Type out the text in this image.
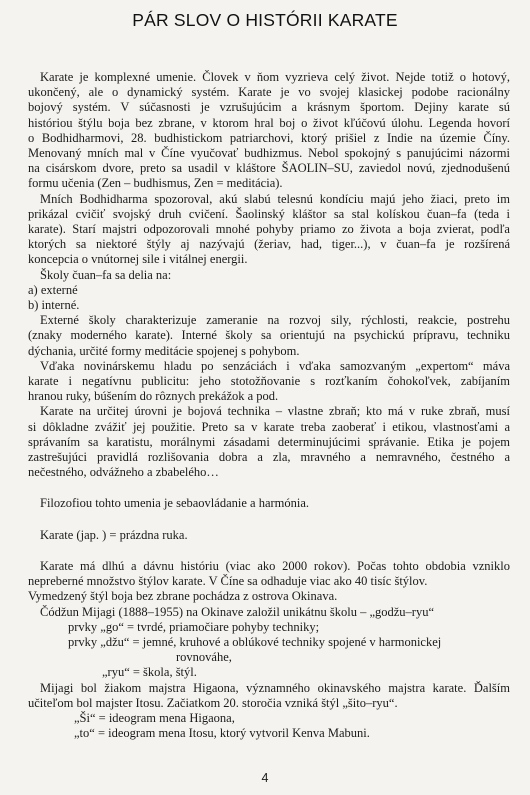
PÁR SLOV O HISTÓRII KARATE
Karate je komplexné umenie. Človek v ňom vyzrieva celý život. Nejde totiž o hotový,
ukončený, ale o dynamický systém. Karate je vo svojej klasickej podobe racionálny
bojový systém. V súčasnosti je vzrušujúcim a krásnym športom. Dejiny karate sú
históriou štýlu boja bez zbrane, v ktorom hral boj o život kľúčovú úlohu. Legenda hovorí
o Bodhidharmovi, 28. budhistickom patriarchovi, ktorý prišiel z Indie na územie Číny.
Menovaný mních mal v Číne vyučovať budhizmus. Nebol spokojný s panujúcimi názormi
na cisárskom dvore, preto sa usadil v kláštore ŠAOLIN–SU, zaviedol novú, zjednodušenú
formu učenia (Zen – budhismus, Zen = meditácia).
Mních Bodhidharma spozoroval, akú slabú telesnú kondíciu majú jeho žiaci, preto im
prikázal cvičiť svojský druh cvičení. Šaolinský kláštor sa stal kolískou čuan–fa (teda i
karate). Starí majstri odpozorovali mnohé pohyby priamo zo života a boja zvierat, podľa
ktorých sa niektoré štýly aj nazývajú (žeriav, had, tiger...), v čuan–fa je rozšírená
koncepcia o vnútornej sile i vitálnej energii.
Školy čuan–fa sa delia na:
a) externé
b) interné.
Externé školy charakterizuje zameranie na rozvoj sily, rýchlosti, reakcie, postrehu
(znaky moderného karate). Interné školy sa orientujú na psychickú prípravu, techniku
dýchania, určité formy meditácie spojenej s pohybom.
Vďaka novinárskemu hladu po senzáciách i vďaka samozvaným „expertom“ máva
karate i negatívnu publicitu: jeho stotožňovanie s rozťkaním čohokoľvek, zabíjaním
hranou ruky, búšením do rôznych prekážok a pod.
Karate na určitej úrovni je bojová technika – vlastne zbraň; kto má v ruke zbraň, musí
si dôkladne zvážiť jej použitie. Preto sa v karate treba zaoberať i etikou, vlastnosťami a
správaním sa karatistu, morálnymi zásadami determinujúcimi správanie. Etika je pojem
zastrešujúci pravidlá rozlišovania dobra a zla, mravného a nemravného, čestného a
nečestného, odvážneho a zbabelého…
Filozofiou tohto umenia je sebaovládanie a harmónia.
Karate (jap. ) = prázdna ruka.
Karate má dlhú a dávnu históriu (viac ako 2000 rokov). Počas tohto obdobia vzniklo
nepreberné množstvo štýlov karate. V Číne sa odhaduje viac ako 40 tisíc štýlov.
Vymedzený štýl boja bez zbrane pochádza z ostrova Okinava.
Čódžun Mijagi (1888–1955) na Okinave založil unikátnu školu – „godžu–ryu“
prvky „go“ = tvrdé, priamočiare pohyby techniky;
prvky „džu“ = jemné, kruhové a oblúkové techniky spojené v harmonickej
rovnováhe,
„ryu“ = škola, štýl.
Mijagi bol žiakom majstra Higaona, významného okinavského majstra karate. Ďalším
učiteľom bol majster Itosu. Začiatkom 20. storočia vzniká štýl „šito–ryu“.
„Ši“ = ideogram mena Higaona,
„to“ = ideogram mena Itosu, ktorý vytvoril Kenva Mabuni.
4
